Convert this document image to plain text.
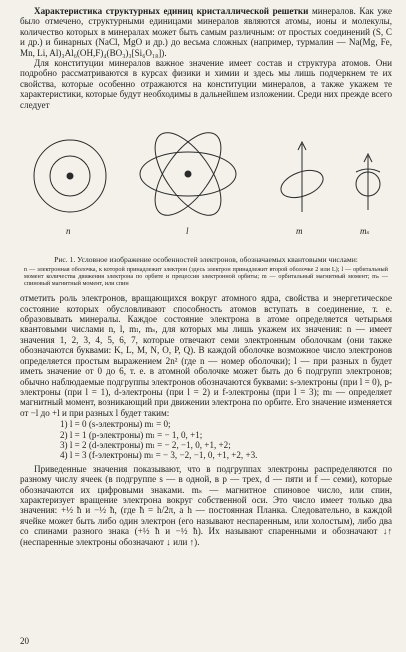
Характеристика структурных единиц кристаллической решетки минералов. Как уже было отмечено, структурными единицами минералов являются атомы, ионы и молекулы, количество которых в минералах может быть самым различным: от простых соединений (S, C и др.) и бинарных (NaCl, MgO и др.) до весьма сложных (например, турмалин — Na(Mg, Fe, Mn, Li, Al)₃Al₆(OH,F)₄(BO₃)₃[Si₆O₁₈]).

Для конституции минералов важное значение имеет состав и структура атомов. Они подробно рассматриваются в курсах физики и химии и здесь мы лишь подчеркнем те их свойства, которые особенно отражаются на конституции минералов, а также укажем те характеристики, которые будут необходимы в дальнейшем изложении. Среди них прежде всего следует

n	l	m	mₛ

Рис. 1. Условное изображение особенностей электронов, обозначаемых квантовыми числами:

n — электронная оболочка, к которой принадлежит электрон (здесь электрон принадлежит второй оболочке 2 или L); l — орбитальный момент количества движения электрона по орбите и прецессия электронной орбиты; m — орбитальный магнитный момент; mₛ — спиновый магнитный момент, или спин

отметить роль электронов, вращающихся вокруг атомного ядра, свойства и энергетическое состояние которых обусловливают способность атомов вступать в соединение, т. е. образовывать минералы. Каждое состояние электрона в атоме определяется четырьмя квантовыми числами n, l, mₗ, mₛ, для которых мы лишь укажем их значения: n — имеет значения 1, 2, 3, 4, 5, 6, 7, которые отвечают семи электронным оболочкам (они также обозначаются буквами: K, L, M, N, O, P, Q). В каждой оболочке возможное число электронов определяется простым выражением 2n² (где n — номер оболочки); l — при разных n будет иметь значение от 0 до 6, т. е. в атомной оболочке может быть до 6 подгрупп электронов; обычно наблюдаемые подгруппы электронов обозначаются буквами: s-электроны (при l = 0), p-электроны (при l = 1), d-электроны (при l = 2) и f-электроны (при l = 3); mₗ — определяет магнитный момент, возникающий при движении электрона по орбите. Его значение изменяется от −l до +l и при разных l будет таким:

1) l = 0 (s-электроны) mₗ = 0;
2) l = 1 (p-электроны) mₗ = − 1, 0, +1;
3) l = 2 (d-электроны) mₗ = − 2, −1, 0, +1, +2;
4) l = 3 (f-электроны) mₗ = − 3, −2, −1, 0, +1, +2, +3.

Приведенные значения показывают, что в подгруппах электроны распределяются по разному числу ячеек (в подгруппе s — в одной, в p — трех, d — пяти и f — семи), которые обозначаются их цифровыми знаками. mₛ — магнитное спиновое число, или спин, характеризует вращение электрона вокруг собственной оси. Это число имеет только два значения: +½ ħ и −½ ħ, (где ħ = h/2π, а h — постоянная Планка. Следовательно, в каждой ячейке может быть либо один электрон (его называют неспаренным, или холостым), либо два со спинами разного знака (+½ ħ и −½ ħ). Их называют спаренными и обозначают ↓↑ (неспаренные электроны обозначают ↓ или ↑).

20
